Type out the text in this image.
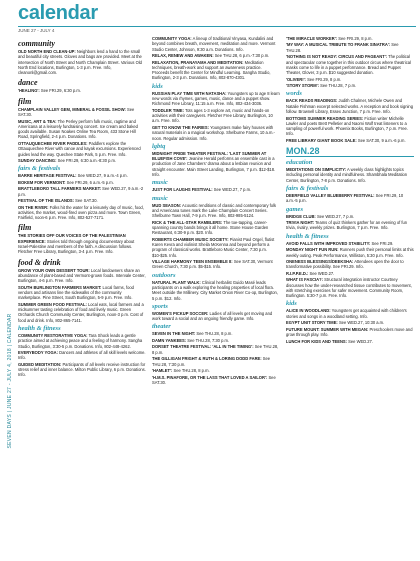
SEVEN DAYS | JUNE 27 - JULY 4, 2018 | CALENDAR
calendar
JUNE 27 - JULY 4
community
OLD NORTH END CLEAN-UP: Neighbors lend a hand to the small and beautiful city streets. Gloves and bags are provided. Meet at the intersection of North Street and North Champlain Street. Various Old North End locations, Burlington, 1-3 p.m. Free. Info, cleanonl@gmail.com.
dance
'HEALING': See FRI.29, 6:30 p.m.
film
CHAMPLAIN VALLEY GEM, MINERAL & FOSSIL SHOW: See SAT.30.
MUSIC, ART & TEA: The Perley perform folk music, ragtime and Americana at a leisurely fundraising concert. Ice cream and baked goods available. Susan Noakes Online Tea Room, 433 Stone Hill Road, Springfield, 2-4 p.m. Donations. Info.
OTTAUQUECHEE RIVER PADDLES: Paddlers explore the Ottauquechee River with canoe and kayak excursions. Experienced guides lead the way. Quechee State Park, 5 p.m. Free. Info.
SUNDAY DANCING: See FRI.29, 6:30 a.m.-8:30 p.m.
fairs & festivals
BARRE HERITAGE FESTIVAL: See WED.27, 9 a.m.-4 p.m.
BOKEM FOR VERMONT: See FRI.29, 6 a.m.-5 p.m.
BRATTLEBORO TALL FARMERS MARKET: See WED.27, 9 a.m.-2 p.m.
FESTIVAL OF THE ISLANDS: See SAT.30.
ON THE RIVER: Folks hit the water for a leisurely day of music, food, activities, the market, wood-fired oven pizza and more. Town Green, Fairfield, noon-6 p.m. Free. Info, 802-527-7171.
film
THE STORIES OFF OUR VOICES OF THE PALESTINIAN EXPERIENCE: Stories told through ongoing documentary about Israel-Palestine and members of the faith. A discussion follows. Fletcher Free Library, Burlington, 3-4 p.m. Free. Info.
food & drink
GROW YOUR OWN DESSERT TOUR: Local landowners share an abundance of plant-based and Vermont-grown foods. Intervale Center, Burlington, 4-6 p.m. Free. Info.
SOUTH BURLINGTON FARMERS MARKET: Local farms, food vendors and artisans line the sidewalks of the community marketplace. Pine Street, South Burlington, 5-9 p.m. Free. Info.
SUMMER GREEN FOOD FESTIVAL: Local eats, local farmers and a midsummer tasting celebration of food and lively music. Green Orchards Church Community Center, Burlington, noon-3 p.m. Cost of food and drink. Info, 802-865-7141.
health & fitness
COMMUNITY RESTORATIVE YOGA: Tara Shock leads a gentle practice aimed at achieving peace and a feeling of harmony. Sangha Studio, Burlington, 3:30-5 p.m. Donations. Info, 802-448-4262.
EVERYBODY YOGA: Dancers and athletes of all skill levels welcome. Info.
GUIDED MEDITATION: Participants of all levels receive instruction for stress relief and inner balance. Milton Public Library, 6 p.m. Donations. Info.
COMMUNITY YOGA: A lineup of traditional Vinyasa, Kundalini and beyond combines breath, movement, meditation and more. Vermont Studio Center, Johnson, 9:30 a.m. Donations. Info.
RELAX, RENEW AND AWAKEN: See THU.28, 6 p.m.-7:30 p.m.
RELAXATION, PRANAYAMA AND MEDITATION: Meditation techniques, breath-work and support an awareness practice. Proceeds benefit the Center for Mindful Learning. Sangha Studio, Burlington, 2-3 p.m. Donations. Info, 802-870-4301.
kids
RUSSIAN PLAY TIME WITH NATASHA: Youngsters up to age 8 learn new words via rhymes, games, music, dance and a puppet show. Richmond Free Library, 11:15 a.m. Free. Info, 802-434-3036.
TODDLER TIME: Tots ages 1-3 explore art, music and hands-on activities with their caregivers. Fletcher Free Library, Burlington, 10 a.m. Free. Info.
GET TO KNOW THE FAIRIES: Youngsters make fairy houses with natural materials in a magical workshop. Shelburne Farms, 10 a.m.-noon. Regular admission. Info.
lgbtq
MIDNIGHT PRIDE THEATER FESTIVAL: 'LAST SUMMER AT BLUEFISH COVE': Jeanine Herald performs an ensemble cast in a production of Jane Chambers' drama about a lesbian reunion and straight encounter. Main Street Landing, Burlington, 7 p.m. $12-$18. Info.
music
JUST FOR LAUGHS FESTIVAL: See WED.27, 7 p.m.
music
MUD SEASON: Acoustic renditions of classic and contemporary folk and Americana tunes mark the Lake Champlain Concert Series. Shelburne Town Hall, 7-9 p.m. Free. Info, 802-985-5124.
RICK & THE ALL-STAR RAMBLERS: The toe-tapping, career-spanning country bands brings it all home. Stone House Garden Restaurant, 6:30-9 p.m. $20. Info.
ROBERTS CHAMBER MUSIC SOCIETY: Pianist Paul Orgel, flutist Karen Kevra and violinist Sheila McKenna and beyond perform a program of classical works. Brattleboro Music Center, 7:30 p.m. $10-$25. Info.
VILLAGE HARMONY TEEN ENSEMBLE II: See SAT.30, Vermont Green Church, 7:30 p.m. $5-$15. Info.
outdoors
NATURAL PLANT WALK: Clinical herbalist Guido Masé leads participants on a walk exploring the healing properties of local flora. Meet outside the Millinery. City Market Onion River Co-op, Burlington, 5 p.m. $12. Info.
sports
WOMEN'S PICKUP SOCCER: Ladies of all levels get moving and work toward a social and an ongoing friendly game. Info.
theater
SEVEN IN THE NIGHT: See THU.28, 8 p.m.
DAMN YANKEES: See THU.28, 7:30 p.m.
DORSET THEATRE FESTIVAL: 'ALL IN THE TIMING': See THU.28, 8 p.m.
THE GILLIGAN FRIGHT & RUTH & LORING DODD FARE: See THU.28, 7:30 p.m.
'HAMLET': See THU.28, 8 p.m.
'H.M.S. PINAFORE, OR THE LASS THAT LOVED A SAILOR': See SAT.30.
'THE MIRACLE WORKER': See FRI.29, 8 p.m.
'MY WAY: A MUSICAL TRIBUTE TO FRANK SINATRA': See THU.28.
'NOTHING IS NOT READY: CIRCUS AND PAGEANT': The political and spectacular come together in this outdoor circus where theatrical masks come to life in a puppet performance. Bread and Puppet Theater, Glover, 3 p.m. $10 suggested donation.
'OLIVER!': See FRI.29, 8 p.m.
'STORY STORM': See THU.28, 7 p.m.
words
BACK READS READINGS: Judith Chalmer, Michele Owen and Natalie Fishman excerpt selected works. A reception and book signing follow. Brownell Library, Essex Junction, 7 p.m. Free. Info.
BOTTOMS SUMMER READING SERIES: Fiction writer Michelle Lawler and poets Brett Pelletier and Naomi Wolf treat listeners to a sampling of powerful work. Phoenix Books, Burlington, 7 p.m. Free. Info.
FREE LIBRARY GIANT BOOK SALE: See SAT.30, 9 a.m.-6 p.m.
MON.28
education
MEDITATIONS ON SIMPLICITY: A weekly class highlights topics including personal identity and mindfulness. Shambhala Meditation Center, Burlington, 7-8 p.m. Donations. Info.
fairs & festivals
DEERFIELD VALLEY BLUEBERRY FESTIVAL: See FRI.29, 10 a.m.-5 p.m.
games
BRIDGE CLUB: See WED.27, 7 p.m.
TRIVIA NIGHT: Teams of quiz thinkers gather for an evening of fun trivia, rivalry, weekly prizes. Burlington, 7 p.m. Free. Info.
health & fitness
AVOID FALLS WITH IMPROVED STABILITY: See FRI.29.
MONDAY NIGHT FUN RUN: Runners push their personal limits at this weekly outing. Peak Performance, Williston, 5:30 p.m. Free. Info.
ONENESS BLESSINGS/DEEKSHA: Attendees open the door to transformative possibility. See FRI.29. Info.
R.I.P.P.E.D.: See WED.27.
WHAT IS FASCIA?: Structural integration instructor Courtney discusses how the under-researched tissue contributes to movement, with stretching exercises for safer movement. Community Room, Burlington. 5:30-7 p.m. Free. Info.
kids
ALICE IN WOODLAND: Youngsters get acquainted with children's stories and songs in a woodland setting. Info.
EGYPT UNIT STORY TIME: See WED.27, 10:30 a.m.
FUTURE MOUNT: SUMMER WITH MEGAN: Preschoolers move and grow through play. Info.
LUNCH FOR KIDS AND TEENS: See WED.27.
